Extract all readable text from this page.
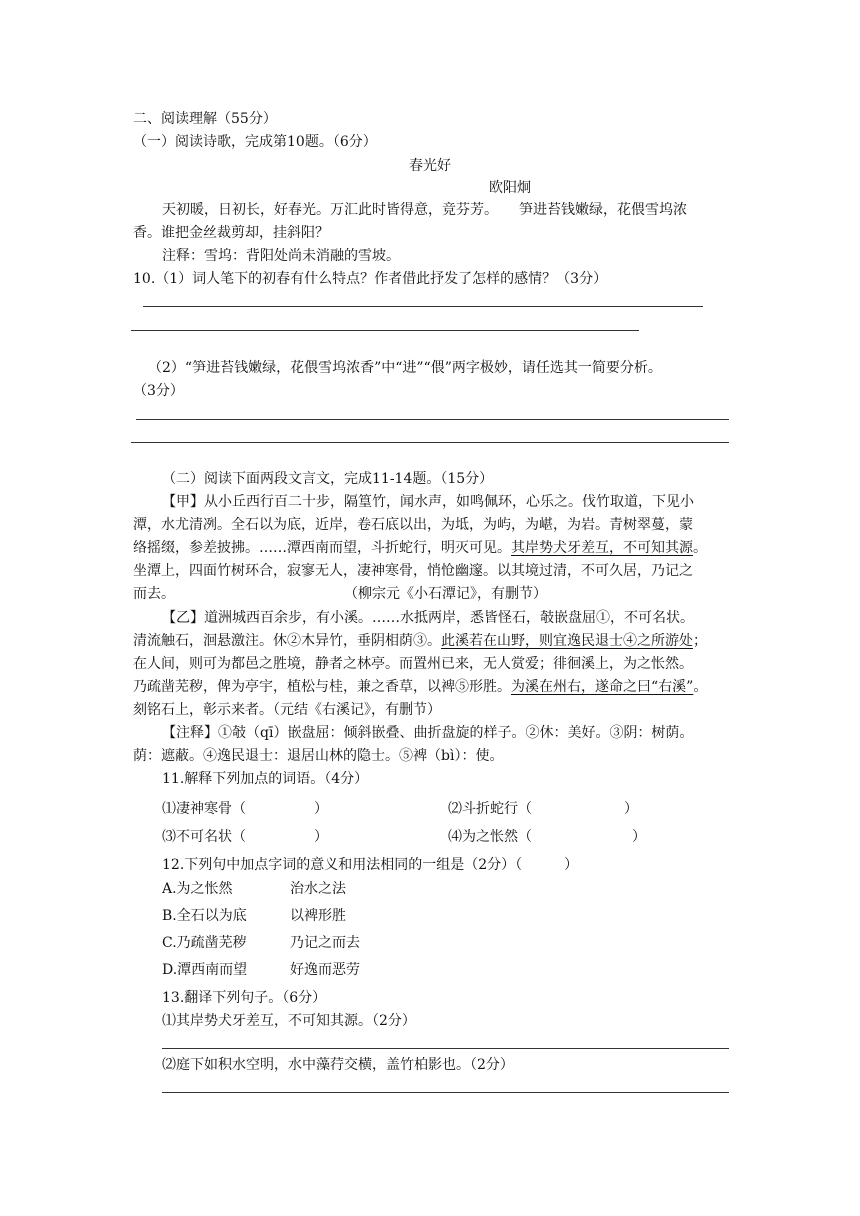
二、阅读理解（55分）
（一）阅读诗歌，完成第10题。（6分）
春光好
欧阳炯
天初暖，日初长，好春光。万汇此时皆得意，竞芬芳。　　笋进苔钱嫩绿，花偎雪坞浓
香。谁把金丝裁剪却，挂斜阳？
注释：雪坞：背阳处尚未消融的雪坡。
10.（1）词人笔下的初春有什么特点？作者借此抒发了怎样的感情？（3分）
（2）“笋进苔钱嫩绿，花偎雪坞浓香”中“进”“偎”两字极妙，请任选其一简要分析。
（3分）
（二）阅读下面两段文言文，完成11-14题。（15分）
【甲】从小丘西行百二十步，隔篁竹，闻水声，如鸣佩环，心乐之。伐竹取道，下见小
潭，水尤清冽。全石以为底，近岸，卷石底以出，为坻，为屿，为嵁，为岩。青树翠蔓，蒙
络摇缀，参差披拂。……潭西南而望，斗折蛇行，明灭可见。其岸势犬牙差互，不可知其源。
坐潭上，四面竹树环合，寂寥无人，凄神寒骨，悄怆幽邃。以其境过清，不可久居，乃记之
而去。	（柳宗元《小石潭记》，有删节）
【乙】道洲城西百余步，有小溪。……水抵两岸，悉皆怪石，攲嵌盘屈①，不可名状。
清流触石，洄悬激注。休②木异竹，垂阴相荫③。此溪若在山野，则宜逸民退士④之所游处；
在人间，则可为都邑之胜境，静者之林亭。而置州已来，无人赏爱；徘徊溪上，为之怅然。
乃疏凿芜秽，俾为亭宇，植松与桂，兼之香草，以裨⑤形胜。为溪在州右，遂命之曰“右溪”。
刻铭石上，彰示来者。（元结《右溪记》，有删节）
【注释】①攲（qī）嵌盘屈：倾斜嵌叠、曲折盘旋的样子。②休：美好。③阴：树荫。
荫：遮蔽。④逸民退士：退居山林的隐士。⑤裨（bì）：使。
11.解释下列加点的词语。（4分）
⑴凄神寒骨（	）	⑵斗折蛇行（	）
⑶不可名状（	）	⑷为之怅然（	）
12.下列句中加点字词的意义和用法相同的一组是（2分）（　　　）
A.为之怅然	治水之法
B.全石以为底	以裨形胜
C.乃疏凿芜秽	乃记之而去
D.潭西南而望	好逸而恶劳
13.翻译下列句子。（6分）
⑴其岸势犬牙差互，不可知其源。（2分）
⑵庭下如积水空明，水中藻荇交横，盖竹柏影也。（2分）
